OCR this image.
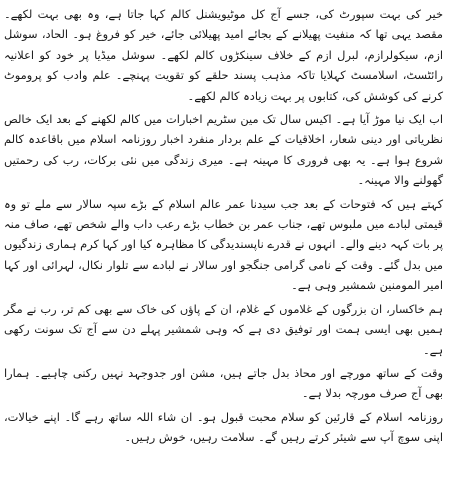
خیر کی بہت سپورٹ کی، جسے آج کل موٹیویشنل کالم کہا جاتا ہے، وہ بھی بہت لکھے۔ مقصد یہی تھا کہ منفیت پھیلانے کے بجائے امید پھیلائی جائے، خیر کو فروغ ہو۔ الحاد، سوشل ازم، سیکولرازم، لبرل ازم کے خلاف سینکڑوں کالم لکھے۔ سوشل میڈیا پر خود کو اعلانیہ رائٹسٹ، اسلامسٹ کہلایا تاکہ مذہب پسند حلقے کو تقویت پہنچے۔ علم وادب کو پروموٹ کرنے کی کوشش کی، کتابوں پر بہت زیادہ کالم لکھے۔

اب ایک نیا موڑ آیا ہے۔ اکیس سال تک مین سٹریم اخبارات میں کالم لکھنے کے بعد ایک خالص نظریاتی اور دینی شعار، اخلاقیات کے علم بردار منفرد اخبار روزنامہ اسلام میں باقاعدہ کالم شروع ہوا ہے۔ یہ بھی فروری کا مہینہ ہے۔ میری زندگی میں نئی برکات، رب کی رحمتیں گھولنے والا مہینہ۔

کہتے ہیں کہ فتوحات کے بعد جب سیدنا عمر عالم اسلام کے بڑے سپہ سالار سے ملے تو وہ قیمتی لبادے میں ملبوس تھے، جناب عمر بن خطاب بڑے رعب داب والے شخص تھے، صاف منہ پر بات کہہ دینے والے۔ انہوں نے قدرے ناپسندیدگی کا مظاہرہ کیا اور کہا کرم ہماری زندگیوں میں بدل گئے۔ وقت کے نامی گرامی جنگجو اور سالار نے لبادے سے تلوار نکال، لہرائی اور کہا امیر المومنین شمشیر وہی ہے۔

ہم خاکسار، ان بزرگوں کے غلاموں کے غلام، ان کے پاؤں کی خاک سے بھی کم تر، رب نے مگر ہمیں بھی ایسی ہمت اور توفیق دی ہے کہ وہی شمشیر پہلے دن سے آج تک سونت رکھی ہے۔

وقت کے ساتھ مورچے اور محاذ بدل جاتے ہیں، مشن اور جدوجہد نہیں رکنی چاہیے۔ ہمارا بھی آج صرف مورچہ بدلا ہے۔

روزنامہ اسلام کے قارئین کو سلام محبت قبول ہو۔ ان شاء اللہ ساتھ رہے گا۔ اپنے خیالات، اپنی سوچ آپ سے شیئر کرتے رہیں گے۔ سلامت رہیں، خوش رہیں۔
